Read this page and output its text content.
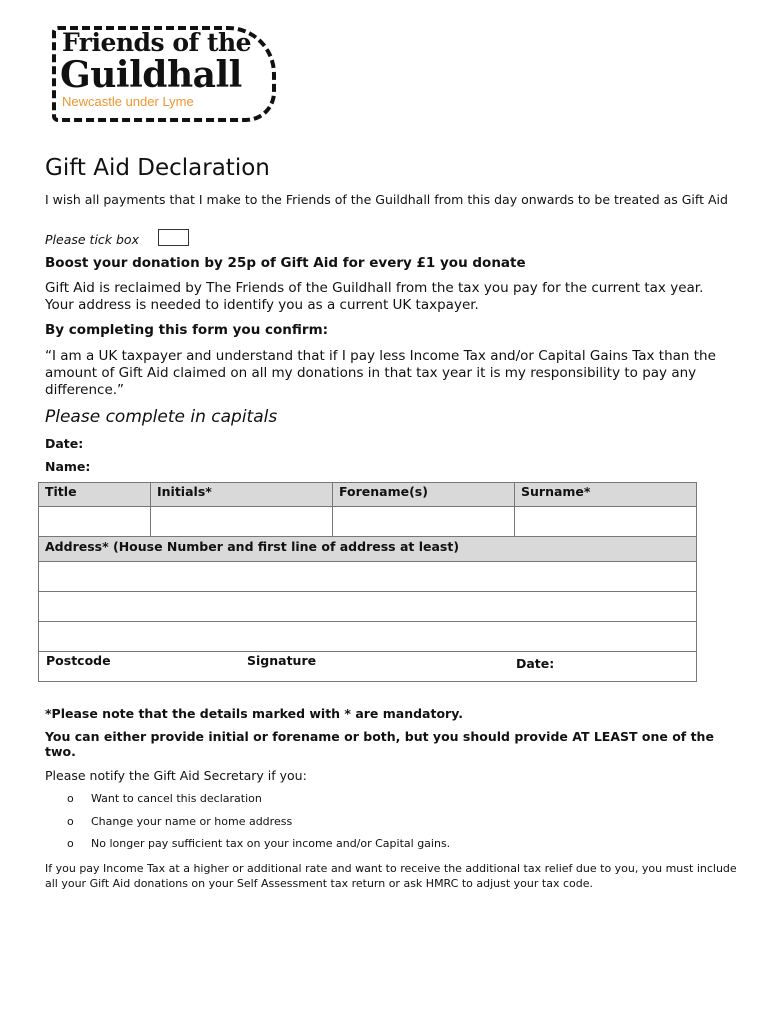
Friends of the
Guildhall
Newcastle under Lyme
Gift Aid Declaration
I wish all payments that I make to the Friends of the Guildhall from this day onwards to be treated as Gift Aid
Please tick box
Boost your donation by 25p of Gift Aid for every £1 you donate
Gift Aid is reclaimed by The Friends of the Guildhall from the tax you pay for the current tax year. Your address is needed to identify you as a current UK taxpayer.
By completing this form you confirm:
“I am a UK taxpayer and understand that if I pay less Income Tax and/or Capital Gains Tax than the amount of Gift Aid claimed on all my donations in that tax year it is my responsibility to pay any difference.”
Please complete in capitals
Date:
Name:
Title	Initials*	Forename(s)	Surname*
Address* (House Number and first line of address at least)
Postcode	Signature	Date:
*Please note that the details marked with * are mandatory.
You can either provide initial or forename or both, but you should provide AT LEAST one of the two.
Please notify the Gift Aid Secretary if you:
o Want to cancel this declaration
o Change your name or home address
o No longer pay sufficient tax on your income and/or Capital gains.
If you pay Income Tax at a higher or additional rate and want to receive the additional tax relief due to you, you must include all your Gift Aid donations on your Self Assessment tax return or ask HMRC to adjust your tax code.
